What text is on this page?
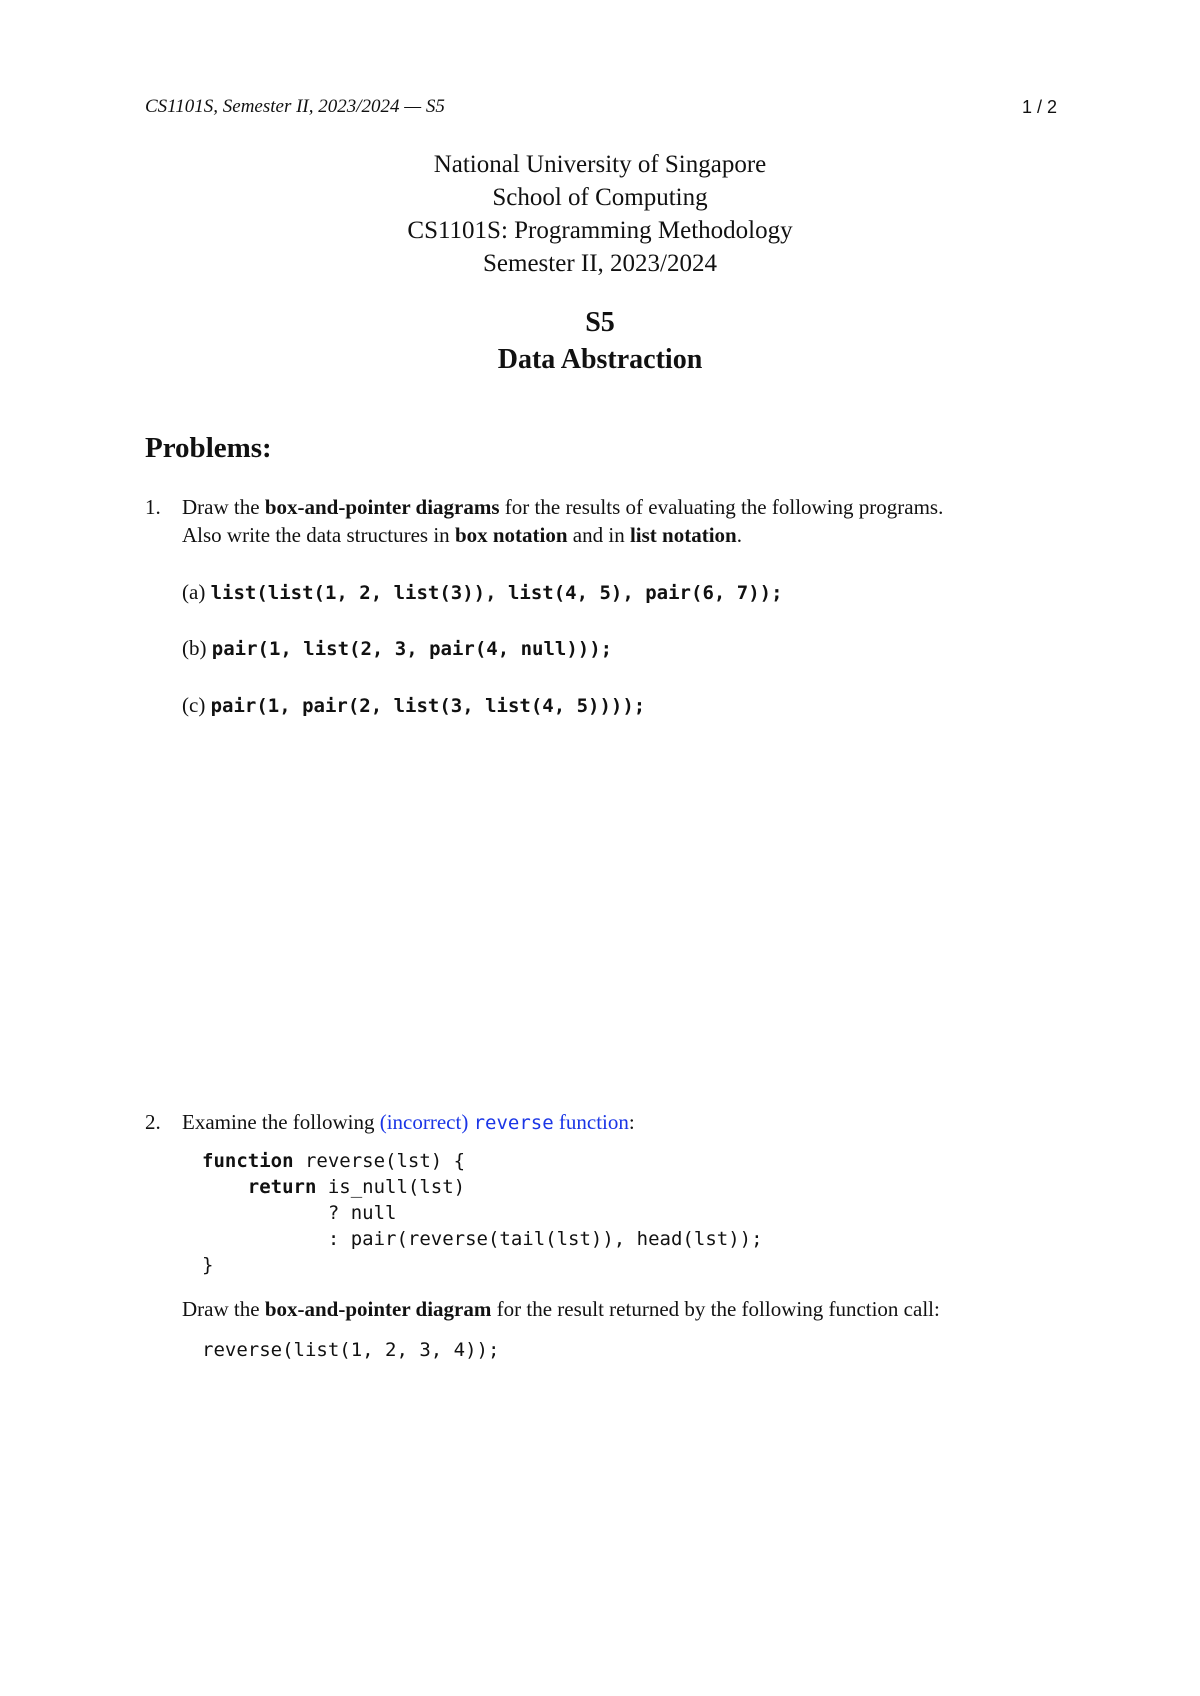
CS1101S, Semester II, 2023/2024 — S5	1 / 2
National University of Singapore
School of Computing
CS1101S: Programming Methodology
Semester II, 2023/2024
S5
Data Abstraction
Problems:
1. Draw the box-and-pointer diagrams for the results of evaluating the following programs.
Also write the data structures in box notation and in list notation.
(a) list(list(1, 2, list(3)), list(4, 5), pair(6, 7));
(b) pair(1, list(2, 3, pair(4, null)));
(c) pair(1, pair(2, list(3, list(4, 5))));
2. Examine the following (incorrect) reverse function:
function reverse(lst) {
return is_null(lst)
? null
: pair(reverse(tail(lst)), head(lst));
}
Draw the box-and-pointer diagram for the result returned by the following function call:
reverse(list(1, 2, 3, 4));
